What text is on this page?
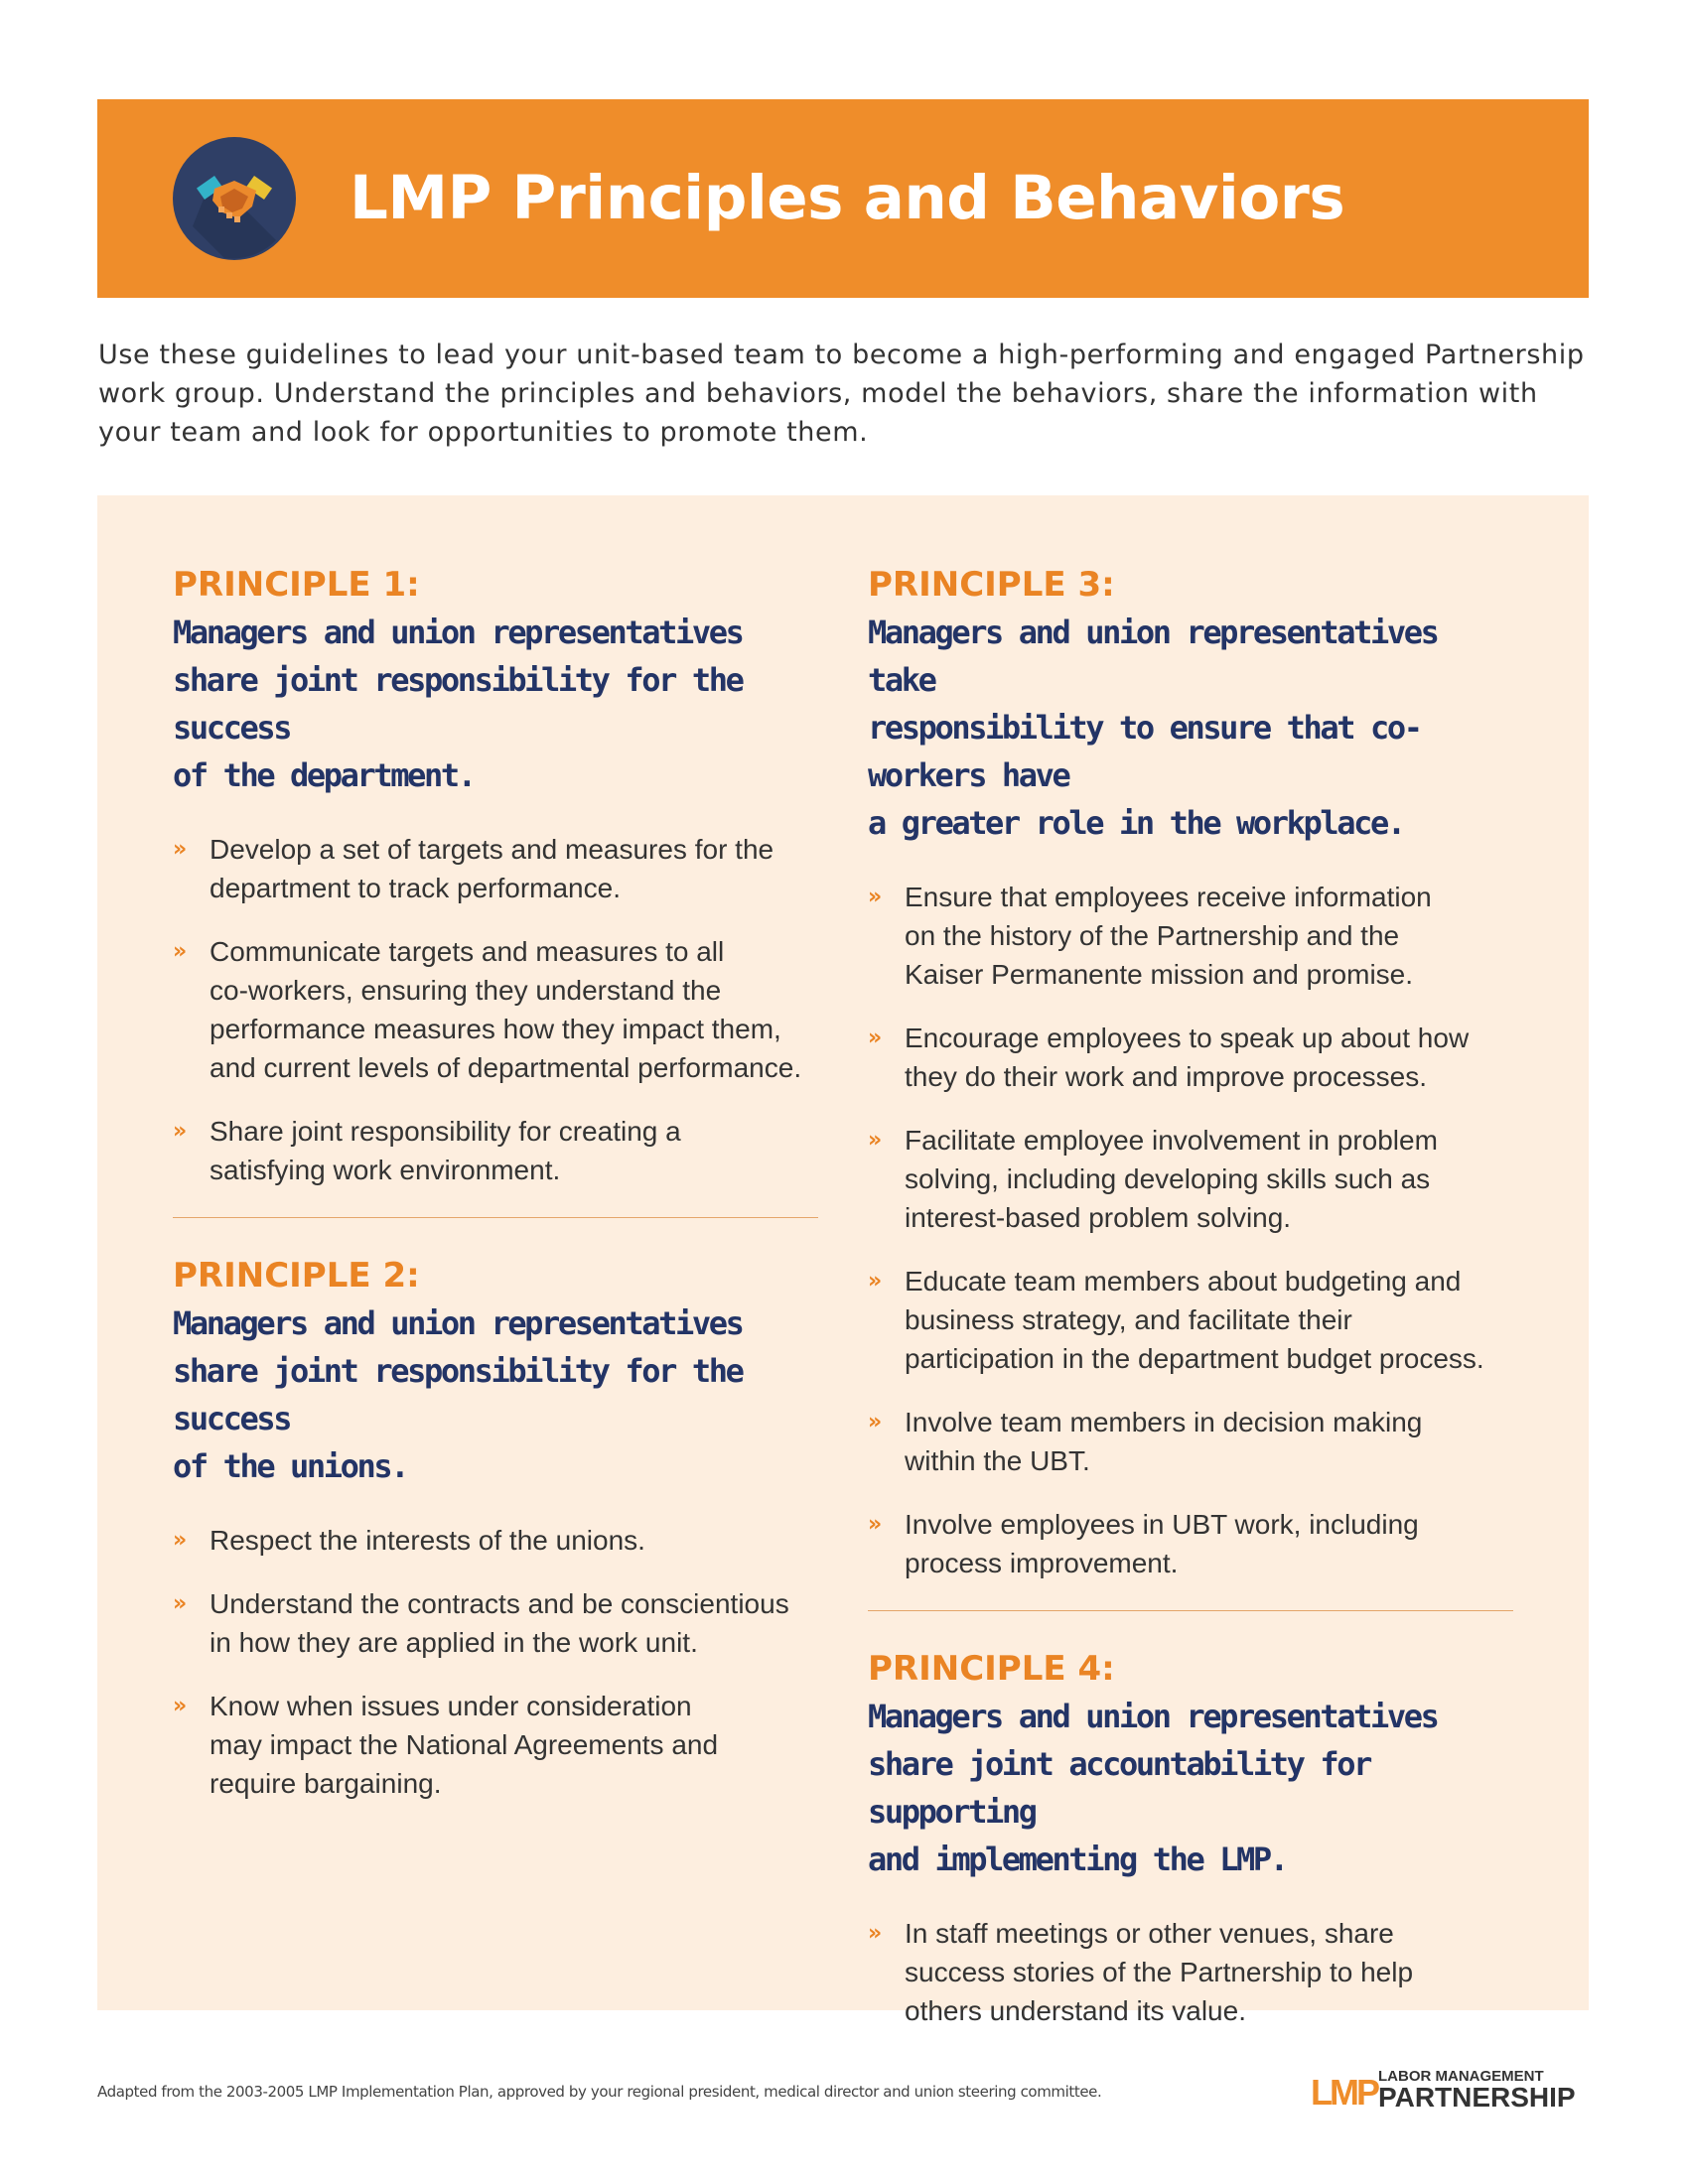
LMP Principles and Behaviors

Use these guidelines to lead your unit-based team to become a high-performing and engaged Partnership work group. Understand the principles and behaviors, model the behaviors, share the information with your team and look for opportunities to promote them.

PRINCIPLE 1:
Managers and union representatives
share joint responsibility for the success
of the department.
» Develop a set of targets and measures for the
department to track performance.
» Communicate targets and measures to all
co-workers, ensuring they understand the
performance measures how they impact them,
and current levels of departmental performance.
» Share joint responsibility for creating a
satisfying work environment.
PRINCIPLE 2:
Managers and union representatives
share joint responsibility for the success
of the unions.
» Respect the interests of the unions.
» Understand the contracts and be conscientious
in how they are applied in the work unit.
» Know when issues under consideration
may impact the National Agreements and
require bargaining.
PRINCIPLE 3:
Managers and union representatives take
responsibility to ensure that co-workers have
a greater role in the workplace.
» Ensure that employees receive information
on the history of the Partnership and the
Kaiser Permanente mission and promise.
» Encourage employees to speak up about how
they do their work and improve processes.
» Facilitate employee involvement in problem
solving, including developing skills such as
interest-based problem solving.
» Educate team members about budgeting and
business strategy, and facilitate their
participation in the department budget process.
» Involve team members in decision making
within the UBT.
» Involve employees in UBT work, including
process improvement.
PRINCIPLE 4:
Managers and union representatives
share joint accountability for supporting
and implementing the LMP.
» In staff meetings or other venues, share
success stories of the Partnership to help
others understand its value.

Adapted from the 2003-2005 LMP Implementation Plan, approved by your regional president, medical director and union steering committee.	LMP LABOR MANAGEMENT

PARTNERSHIP
